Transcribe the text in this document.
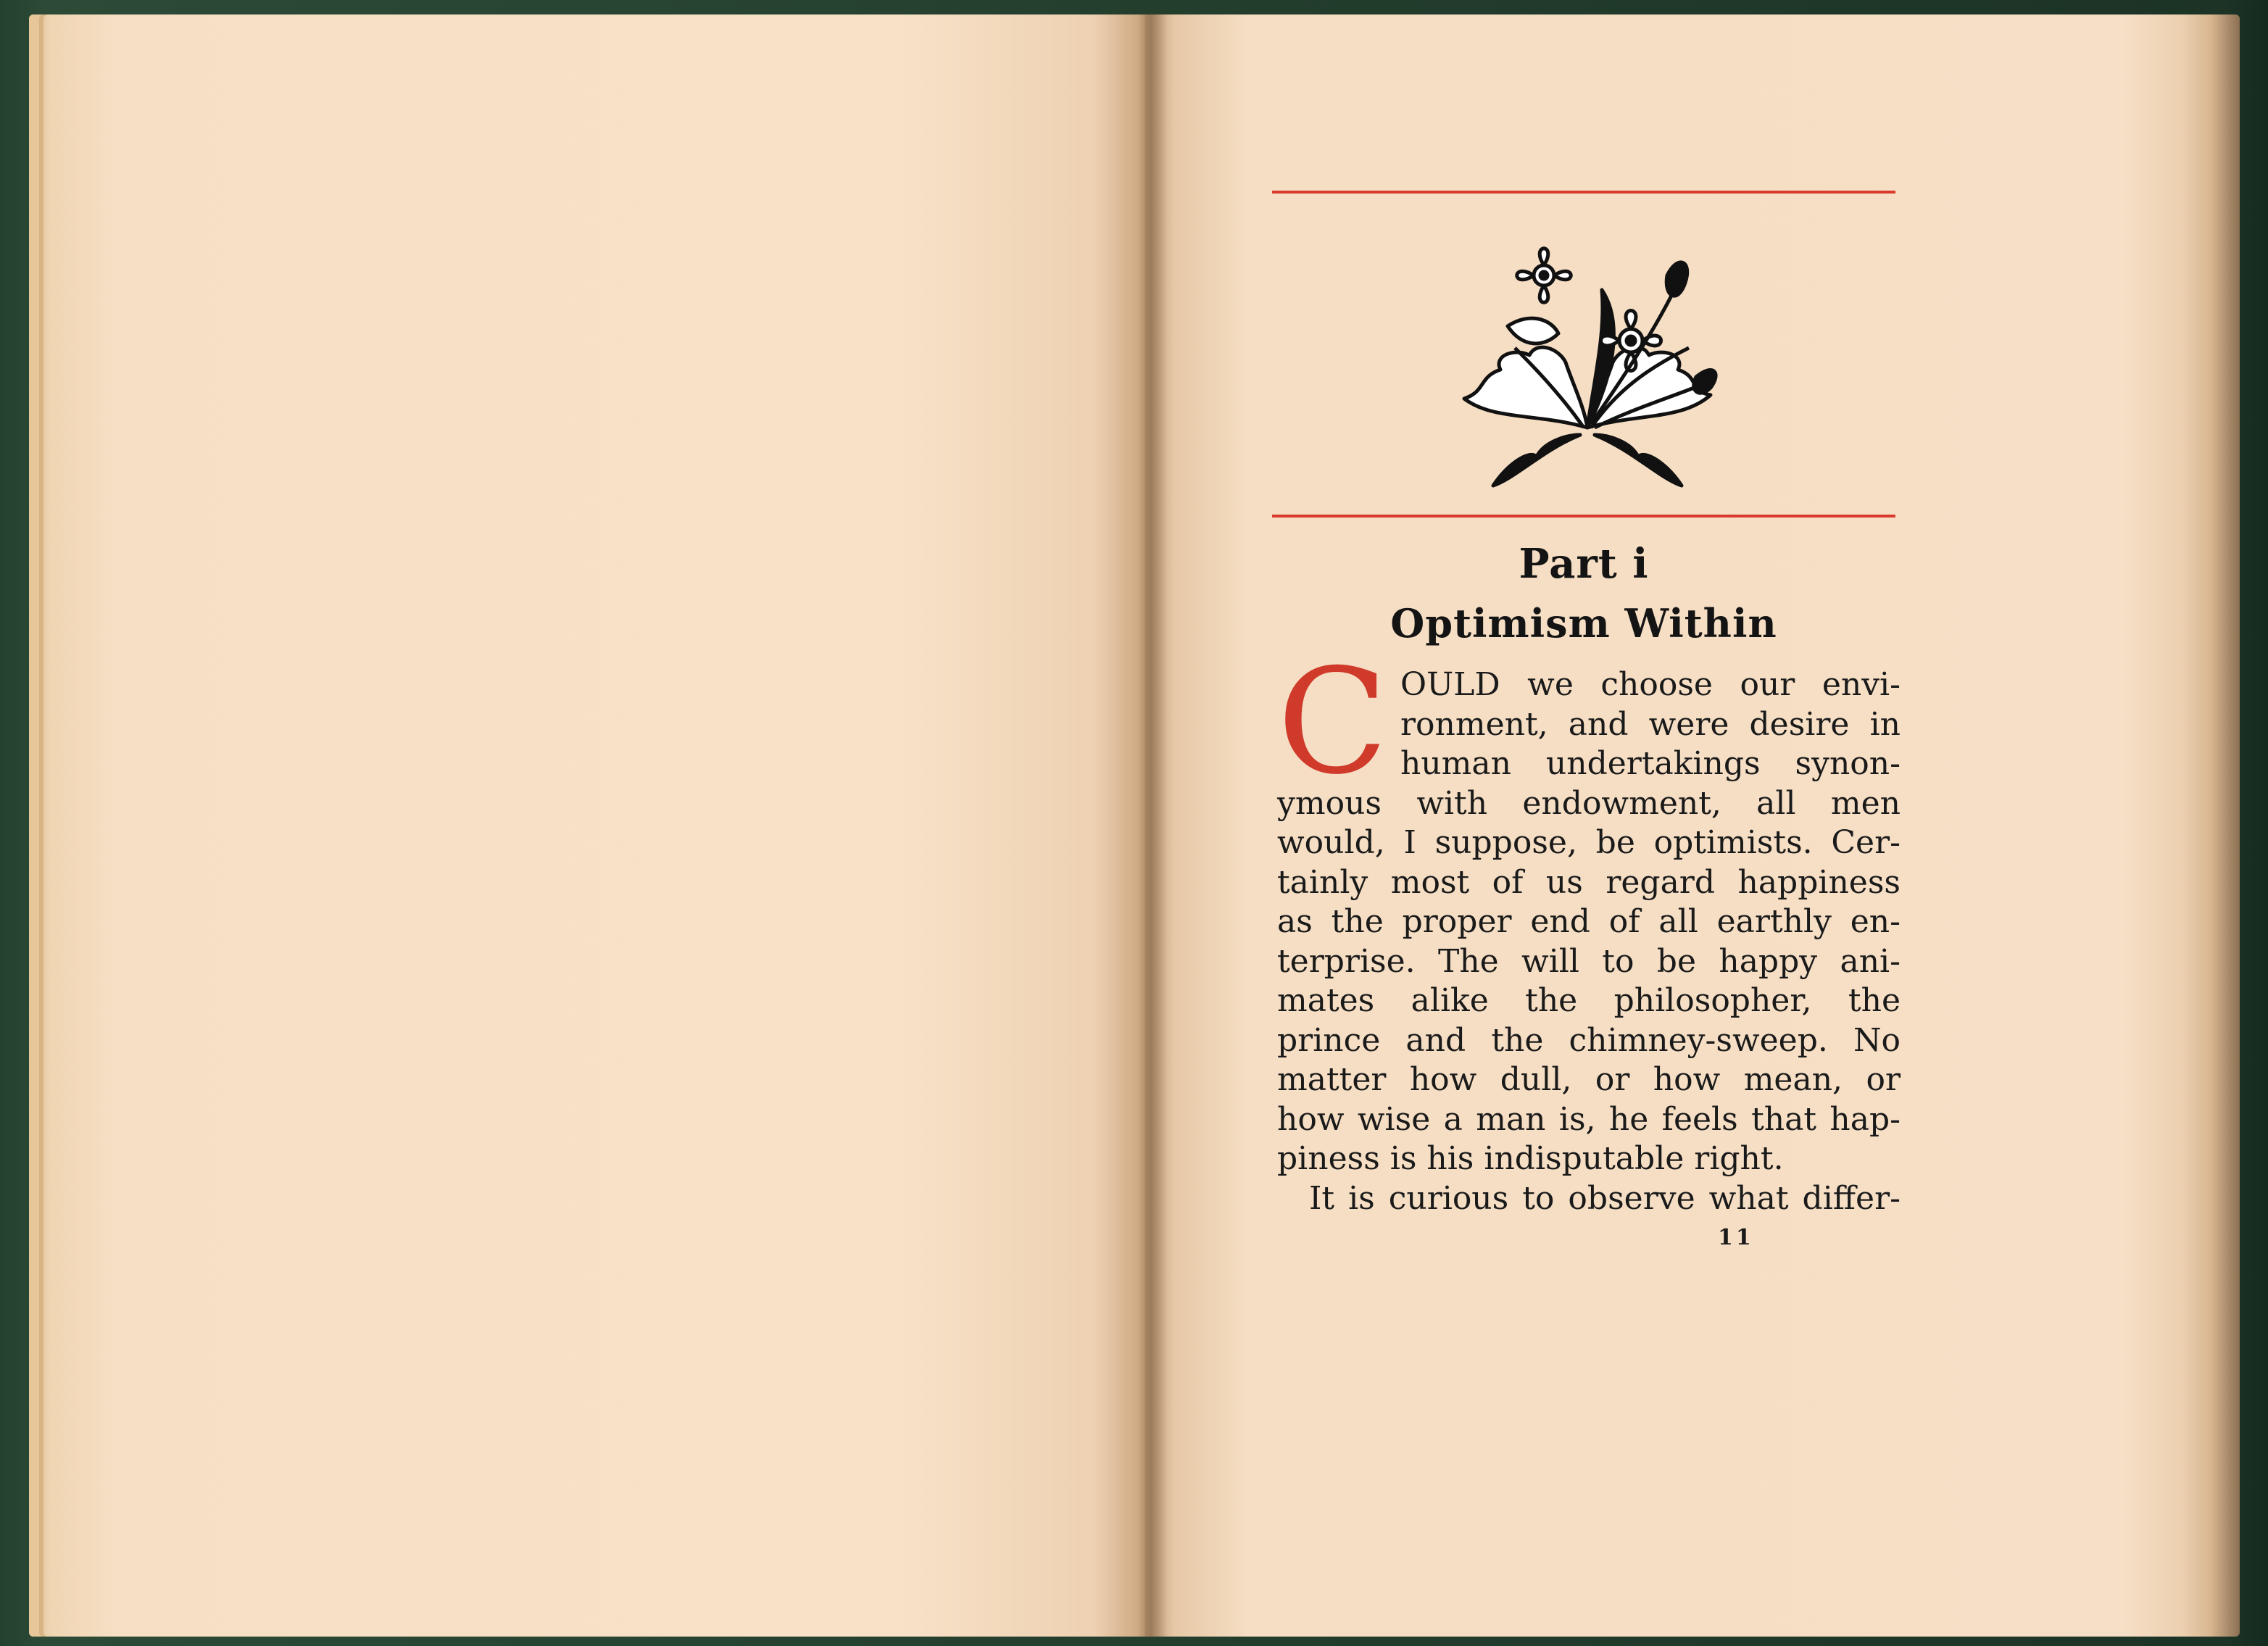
Part i
Optimism Within
C OULD we choose our envi-
ronment, and were desire in
human undertakings synon-
ymous with endowment, all men
would, I suppose, be optimists. Cer-
tainly most of us regard happiness
as the proper end of all earthly en-
terprise. The will to be happy ani-
mates alike the philosopher, the
prince and the chimney-sweep. No
matter how dull, or how mean, or
how wise a man is, he feels that hap-
piness is his indisputable right.
It is curious to observe what differ-
11
